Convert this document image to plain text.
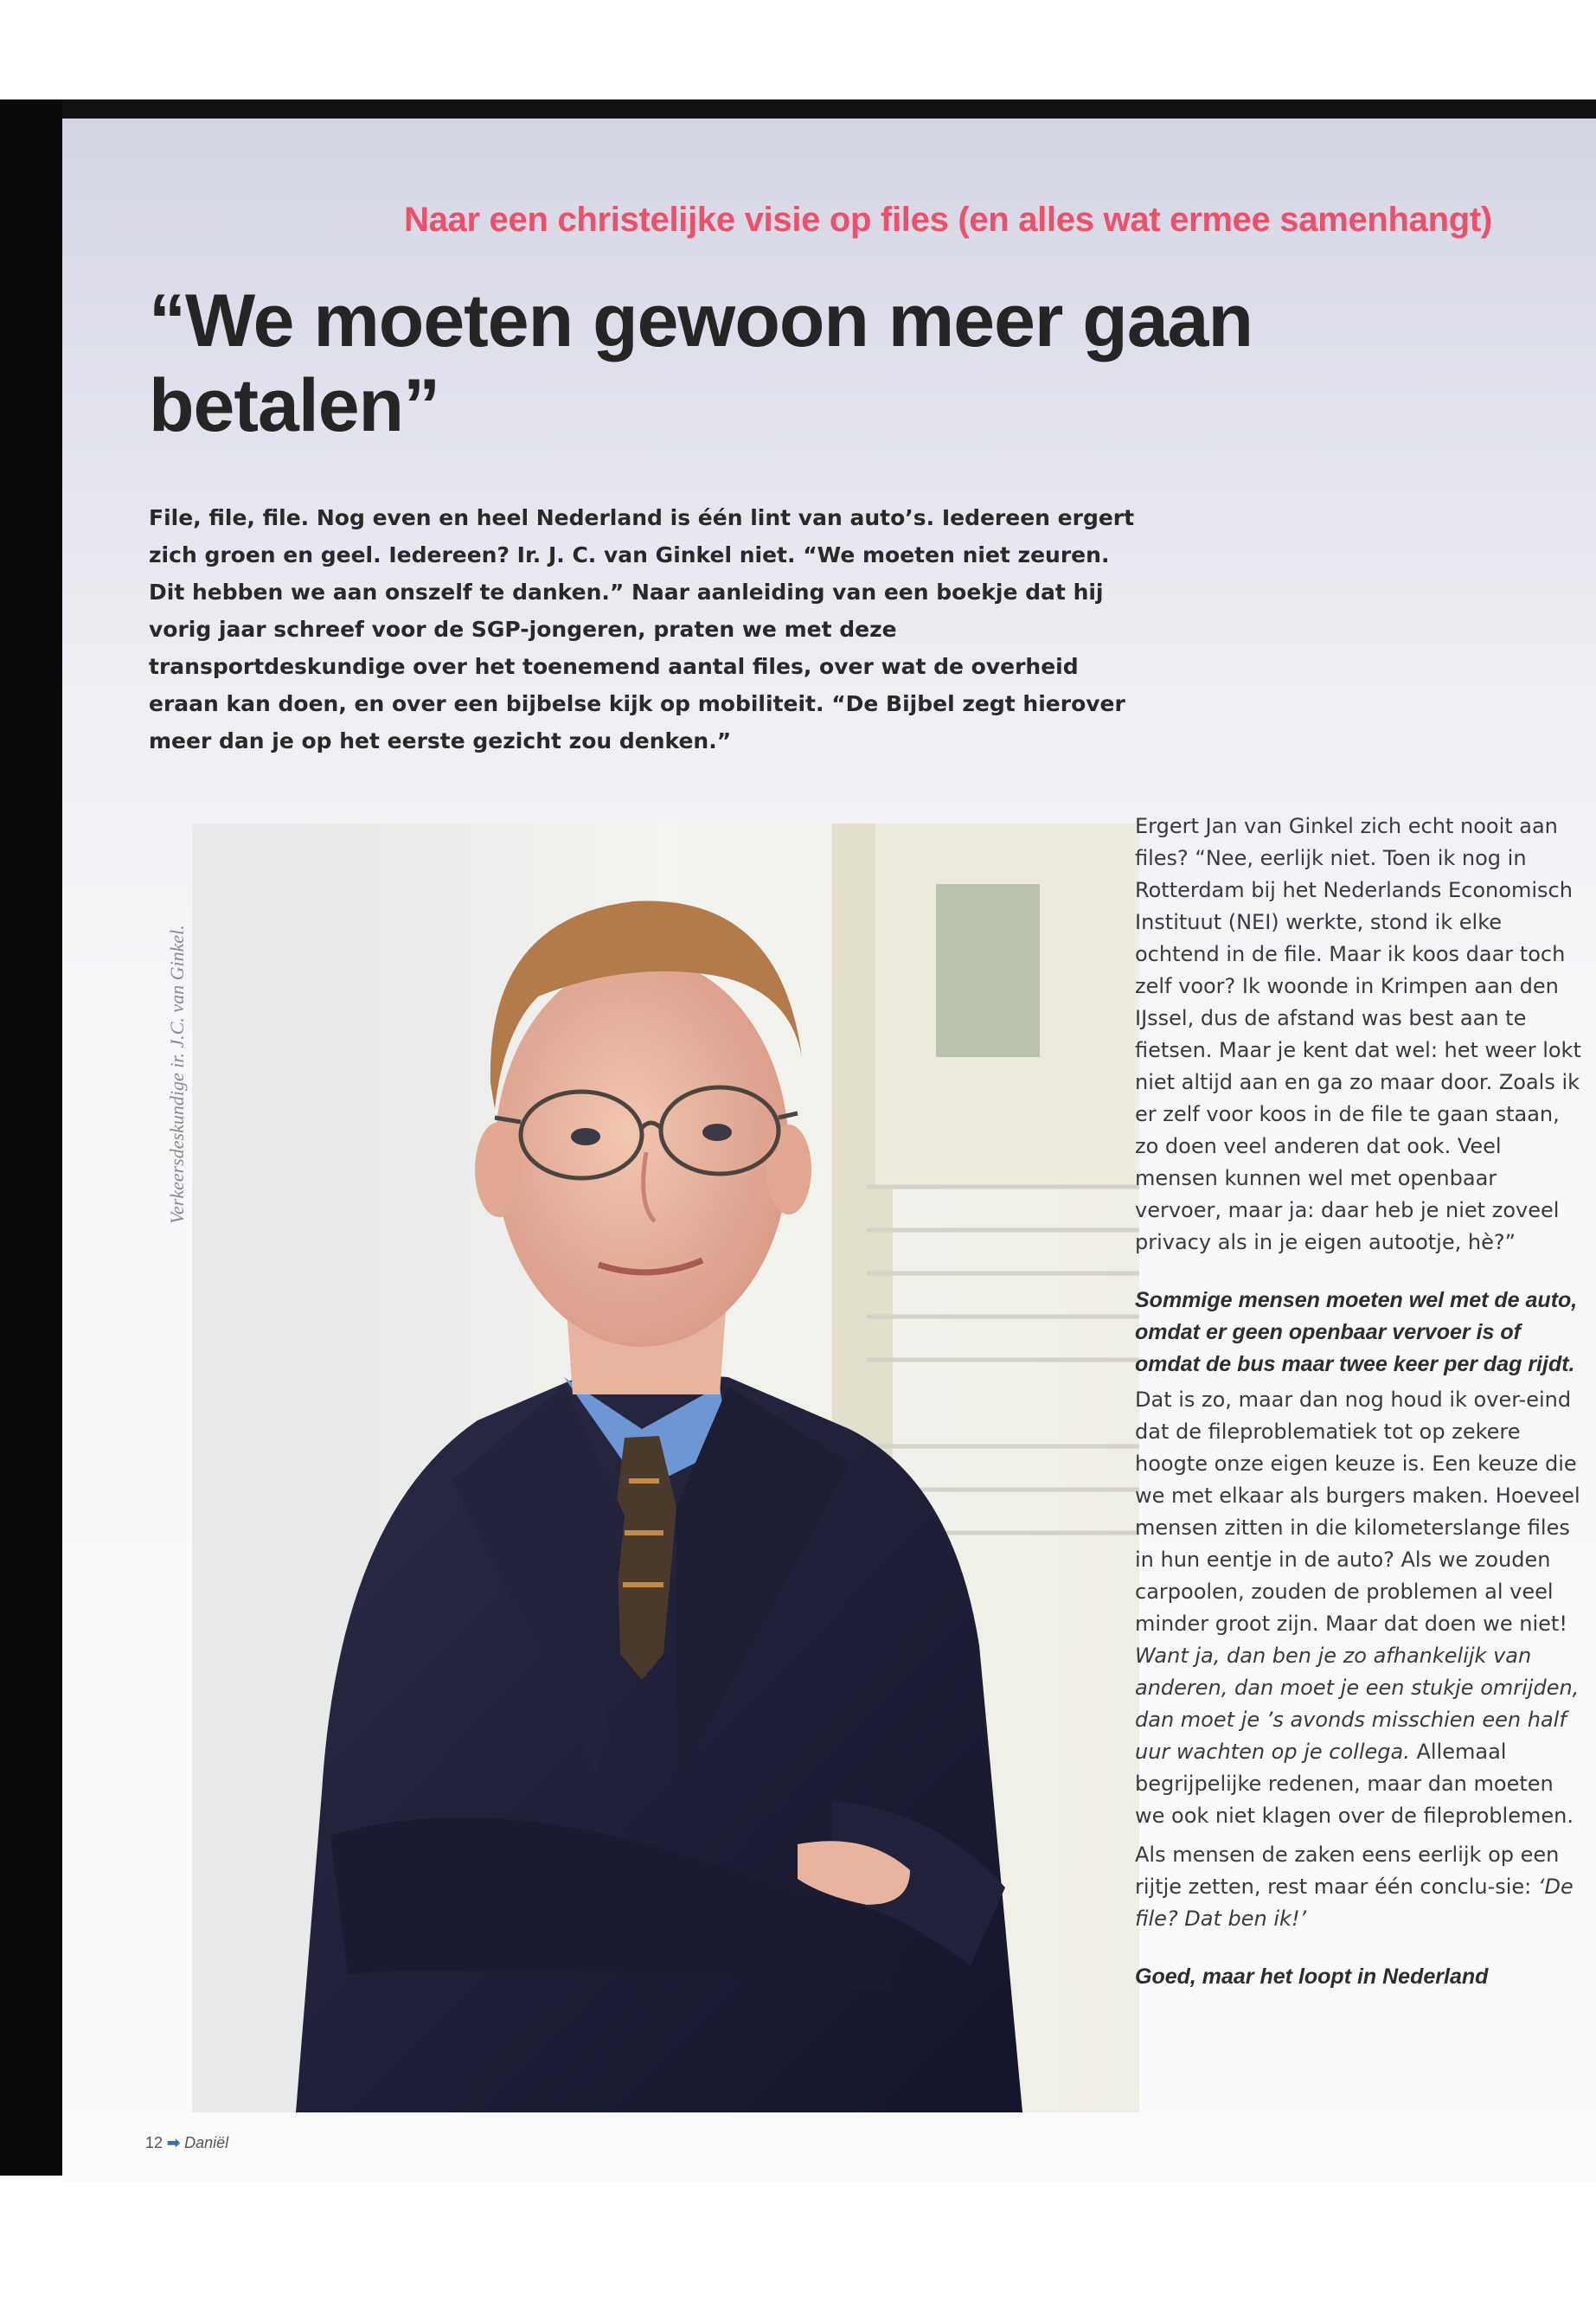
Naar een christelijke visie op files (en alles wat ermee samenhangt)
“We moeten gewoon meer gaan
betalen”

File, file, file. Nog even en heel Nederland is één lint van auto’s. Iedereen ergert zich groen en geel. Iedereen? Ir. J. C. van Ginkel niet. “We moeten niet zeuren. Dit hebben we aan onszelf te danken.” Naar aanleiding van een boekje dat hij vorig jaar schreef voor de SGP-jongeren, praten we met deze transportdeskundige over het toenemend aantal files, over wat de overheid eraan kan doen, en over een bijbelse kijk op mobiliteit. “De Bijbel zegt hierover meer dan je op het eerste gezicht zou denken.”

Verkeersdeskundige ir. J.C. van Ginkel.

Ergert Jan van Ginkel zich echt nooit aan files? “Nee, eerlijk niet. Toen ik nog in Rotterdam bij het Nederlands Economisch Instituut (NEI) werkte, stond ik elke ochtend in de file. Maar ik koos daar toch zelf voor? Ik woonde in Krimpen aan den IJssel, dus de afstand was best aan te fietsen. Maar je kent dat wel: het weer lokt niet altijd aan en ga zo maar door. Zoals ik er zelf voor koos in de file te gaan staan, zo doen veel anderen dat ook. Veel mensen kunnen wel met openbaar vervoer, maar ja: daar heb je niet zoveel privacy als in je eigen autootje, hè?”

Sommige mensen moeten wel met de auto, omdat er geen openbaar vervoer is of omdat de bus maar twee keer per dag rijdt.

Dat is zo, maar dan nog houd ik over-eind dat de fileproblematiek tot op zekere hoogte onze eigen keuze is. Een keuze die we met elkaar als burgers maken. Hoeveel mensen zitten in die kilometerslange files in hun eentje in de auto? Als we zouden carpoolen, zouden de problemen al veel minder groot zijn. Maar dat doen we niet! Want ja, dan ben je zo afhankelijk van anderen, dan moet je een stukje omrijden, dan moet je ’s avonds misschien een half uur wachten op je collega. Allemaal begrijpelijke redenen, maar dan moeten we ook niet klagen over de fileproblemen.

Als mensen de zaken eens eerlijk op een rijtje zetten, rest maar één conclu-sie: ‘De file? Dat ben ik!’

Goed, maar het loopt in Nederland

12 ➡ Daniël
